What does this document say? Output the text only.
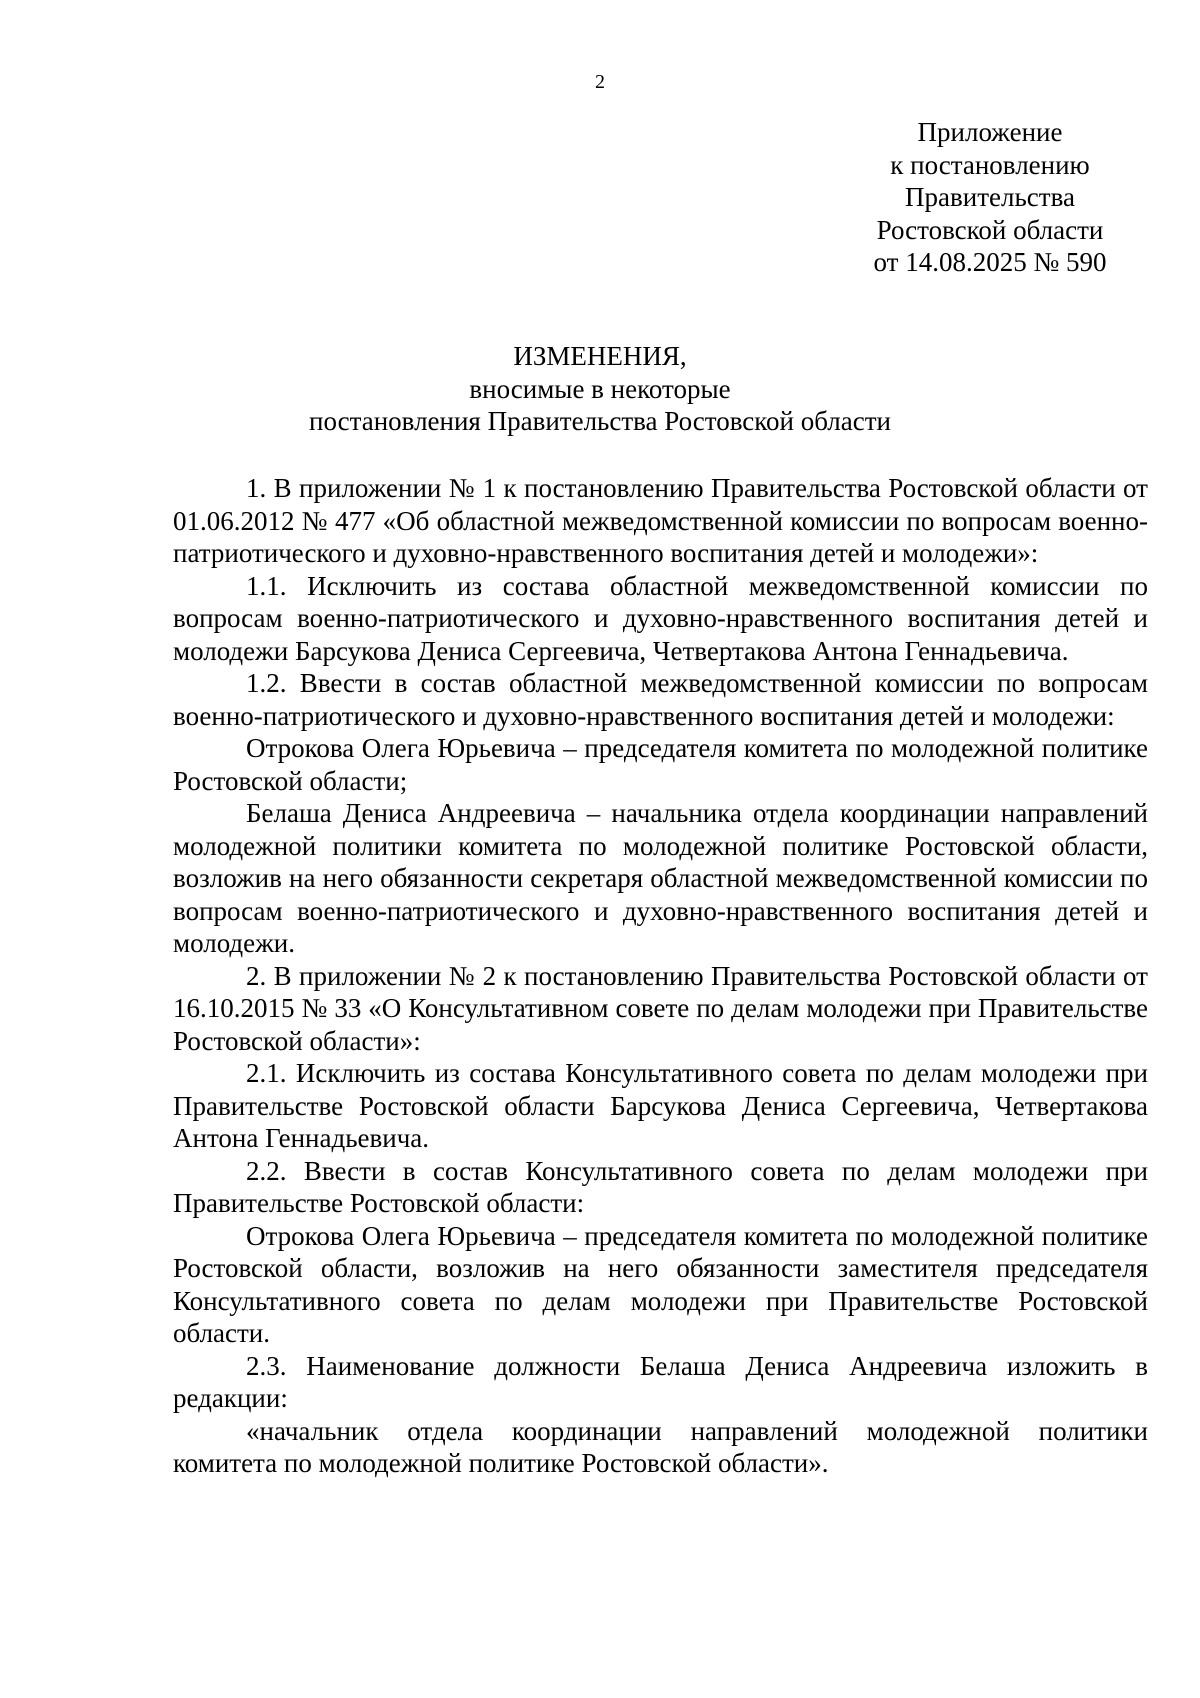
2
Приложение
к постановлению
Правительства
Ростовской области
от 14.08.2025 № 590
ИЗМЕНЕНИЯ,
вносимые в некоторые
постановления Правительства Ростовской области

1. В приложении № 1 к постановлению Правительства Ростовской области от 01.06.2012 № 477 «Об областной межведомственной комиссии по вопросам военно-патриотического и духовно-нравственного воспитания детей и молодежи»:

1.1. Исключить из состава областной межведомственной комиссии по вопросам военно-патриотического и духовно-нравственного воспитания детей и молодежи Барсукова Дениса Сергеевича, Четвертакова Антона Геннадьевича.

1.2. Ввести в состав областной межведомственной комиссии по вопросам военно-патриотического и духовно-нравственного воспитания детей и молодежи:

Отрокова Олега Юрьевича – председателя комитета по молодежной политике Ростовской области;

Белаша Дениса Андреевича – начальника отдела координации направлений молодежной политики комитета по молодежной политике Ростовской области, возложив на него обязанности секретаря областной межведомственной комиссии по вопросам военно-патриотического и духовно-нравственного воспитания детей и молодежи.

2. В приложении № 2 к постановлению Правительства Ростовской области от 16.10.2015 № 33 «О Консультативном совете по делам молодежи при Правительстве Ростовской области»:

2.1. Исключить из состава Консультативного совета по делам молодежи при Правительстве Ростовской области Барсукова Дениса Сергеевича, Четвертакова Антона Геннадьевича.

2.2. Ввести в состав Консультативного совета по делам молодежи при Правительстве Ростовской области:

Отрокова Олега Юрьевича – председателя комитета по молодежной политике Ростовской области, возложив на него обязанности заместителя председателя Консультативного совета по делам молодежи при Правительстве Ростовской области.

2.3. Наименование должности Белаша Дениса Андреевича изложить в редакции:

«начальник отдела координации направлений молодежной политики комитета по молодежной политике Ростовской области».
